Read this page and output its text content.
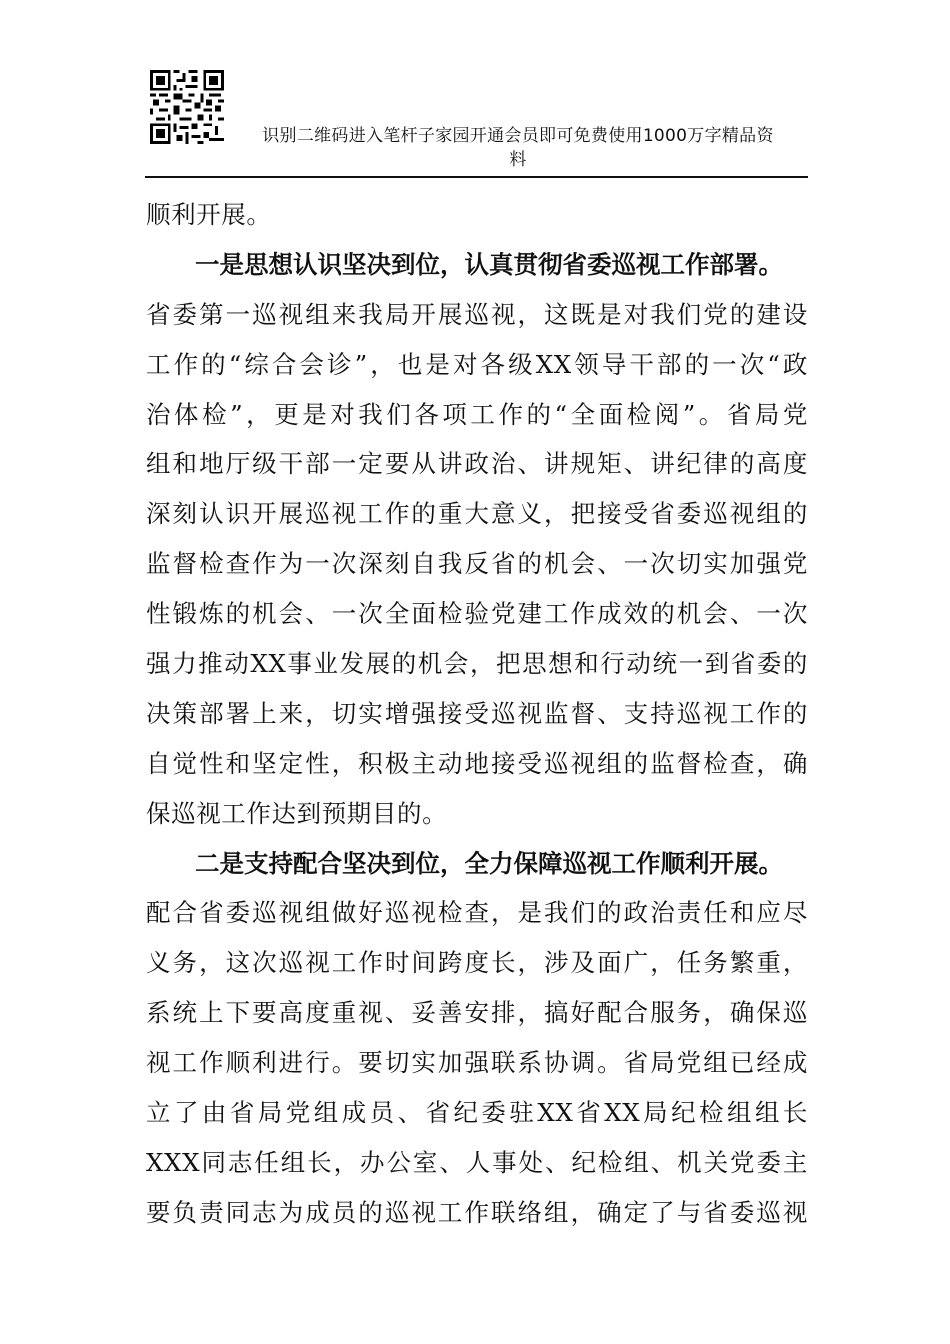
识别二维码进入笔杆子家园开通会员即可免费使用1000万字精品资
料
顺利开展。
一是思想认识坚决到位，认真贯彻省委巡视工作部署。
省委第一巡视组来我局开展巡视，这既是对我们党的建设
工作的“综合会诊”，也是对各级XX领导干部的一次“政
治体检”，更是对我们各项工作的“全面检阅”。省局党
组和地厅级干部一定要从讲政治、讲规矩、讲纪律的高度
深刻认识开展巡视工作的重大意义，把接受省委巡视组的
监督检查作为一次深刻自我反省的机会、一次切实加强党
性锻炼的机会、一次全面检验党建工作成效的机会、一次
强力推动XX事业发展的机会，把思想和行动统一到省委的
决策部署上来，切实增强接受巡视监督、支持巡视工作的
自觉性和坚定性，积极主动地接受巡视组的监督检查，确
保巡视工作达到预期目的。
二是支持配合坚决到位，全力保障巡视工作顺利开展。
配合省委巡视组做好巡视检查，是我们的政治责任和应尽
义务，这次巡视工作时间跨度长，涉及面广，任务繁重，
系统上下要高度重视、妥善安排，搞好配合服务，确保巡
视工作顺利进行。要切实加强联系协调。省局党组已经成
立了由省局党组成员、省纪委驻XX省XX局纪检组组长
XXX同志任组长，办公室、人事处、纪检组、机关党委主
要负责同志为成员的巡视工作联络组，确定了与省委巡视
